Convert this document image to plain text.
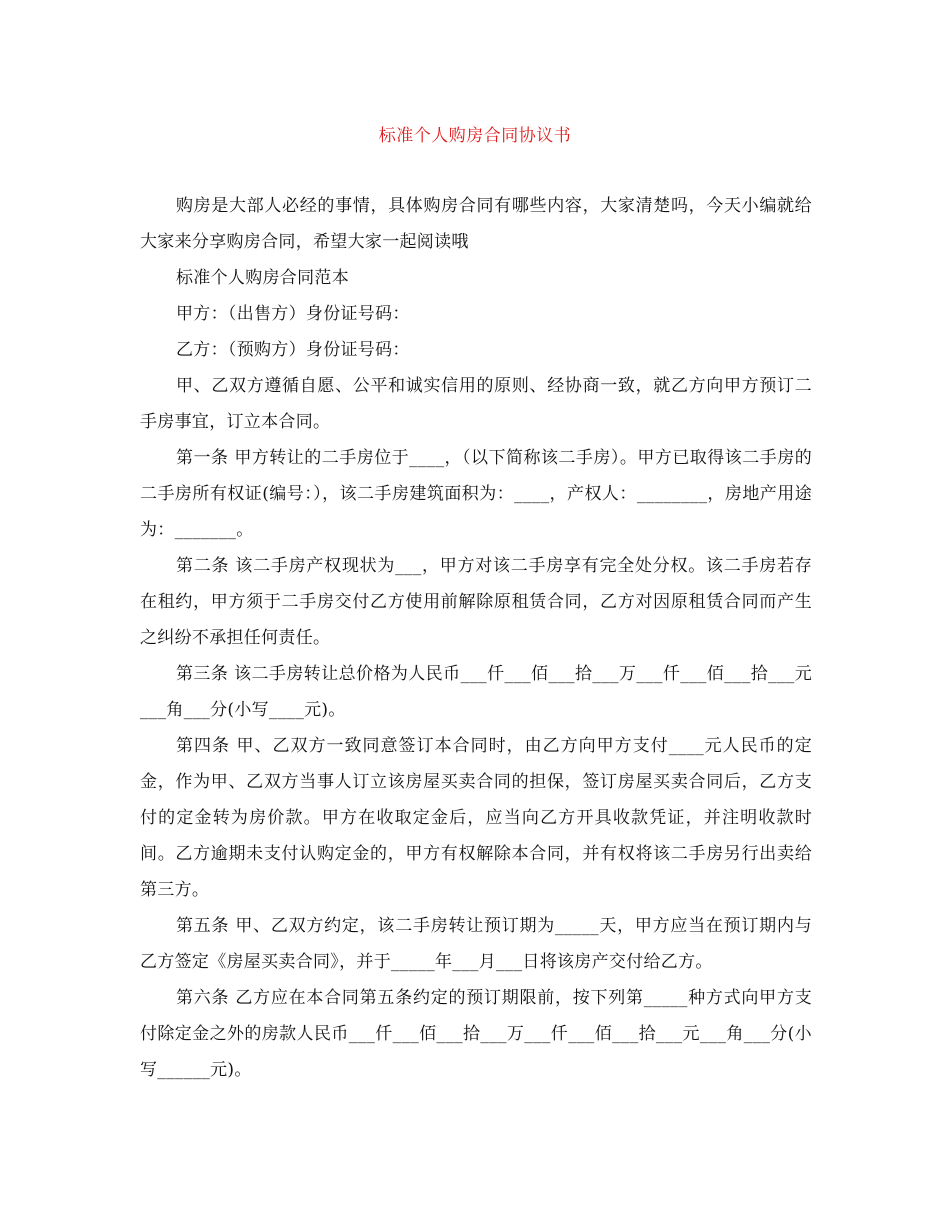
标准个人购房合同协议书

购房是大部人必经的事情，具体购房合同有哪些内容，大家清楚吗，今天小编就给大家来分享购房合同，希望大家一起阅读哦

标准个人购房合同范本

甲方：（出售方）身份证号码：

乙方：（预购方）身份证号码：

甲、乙双方遵循自愿、公平和诚实信用的原则、经协商一致，就乙方向甲方预订二手房事宜，订立本合同。

第一条 甲方转让的二手房位于____，（以下简称该二手房）。甲方已取得该二手房的二手房所有权证(编号：），该二手房建筑面积为：____，产权人：________，房地产用途为：_______。

第二条 该二手房产权现状为___，甲方对该二手房享有完全处分权。该二手房若存在租约，甲方须于二手房交付乙方使用前解除原租赁合同，乙方对因原租赁合同而产生之纠纷不承担任何责任。

第三条 该二手房转让总价格为人民币___仟___佰___拾___万___仟___佰___拾___元___角___分(小写____元)。

第四条 甲、乙双方一致同意签订本合同时，由乙方向甲方支付____元人民币的定金，作为甲、乙双方当事人订立该房屋买卖合同的担保，签订房屋买卖合同后，乙方支付的定金转为房价款。甲方在收取定金后，应当向乙方开具收款凭证，并注明收款时间。乙方逾期未支付认购定金的，甲方有权解除本合同，并有权将该二手房另行出卖给第三方。

第五条 甲、乙双方约定，该二手房转让预订期为_____天，甲方应当在预订期内与乙方签定《房屋买卖合同》，并于_____年___月___日将该房产交付给乙方。

第六条 乙方应在本合同第五条约定的预订期限前，按下列第_____种方式向甲方支付除定金之外的房款人民币___仟___佰___拾___万___仟___佰___拾___元___角___分(小写______元)。
